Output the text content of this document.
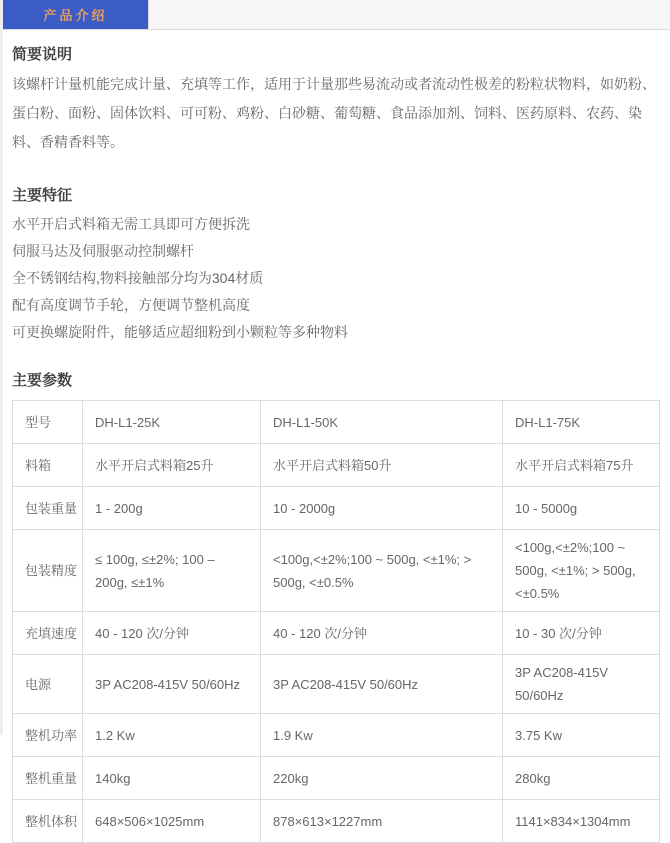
产品介绍
简要说明

该螺杆计量机能完成计量、充填等工作，适用于计量那些易流动或者流动性极差的粉粒状物料，如奶粉、蛋白粉、面粉、固体饮料、可可粉、鸡粉、白砂糖、葡萄糖、食品添加剂、饲料、医药原料、农药、染料、香精香料等。

主要特征
水平开启式料箱无需工具即可方便拆洗
伺服马达及伺服驱动控制螺杆
全不锈钢结构,物料接触部分均为304材质
配有高度调节手轮，方便调节整机高度
可更换螺旋附件，能够适应超细粉到小颗粒等多种物料
主要参数
型号	DH-L1-25K	DH-L1-50K	DH-L1-75K
料箱	水平开启式料箱25升	水平开启式料箱50升	水平开启式料箱75升
包装重量	1 - 200g	10 - 2000g	10 - 5000g
包装精度	≤ 100g, ≤±2%; 100 – 200g, ≤±1%	<100g,<±2%;100 ~ 500g, <±1%; > 500g, <±0.5%	<100g,<±2%;100 ~ 500g, <±1%; > 500g, <±0.5%
充填速度	40 - 120 次/分钟	40 - 120 次/分钟	10 - 30 次/分钟
电源	3P AC208-415V 50/60Hz	3P AC208-415V 50/60Hz	3P AC208-415V 50/60Hz
整机功率	1.2 Kw	1.9 Kw	3.75 Kw
整机重量	140kg	220kg	280kg
整机体积	648×506×1025mm	878×613×1227mm	1141×834×1304mm
